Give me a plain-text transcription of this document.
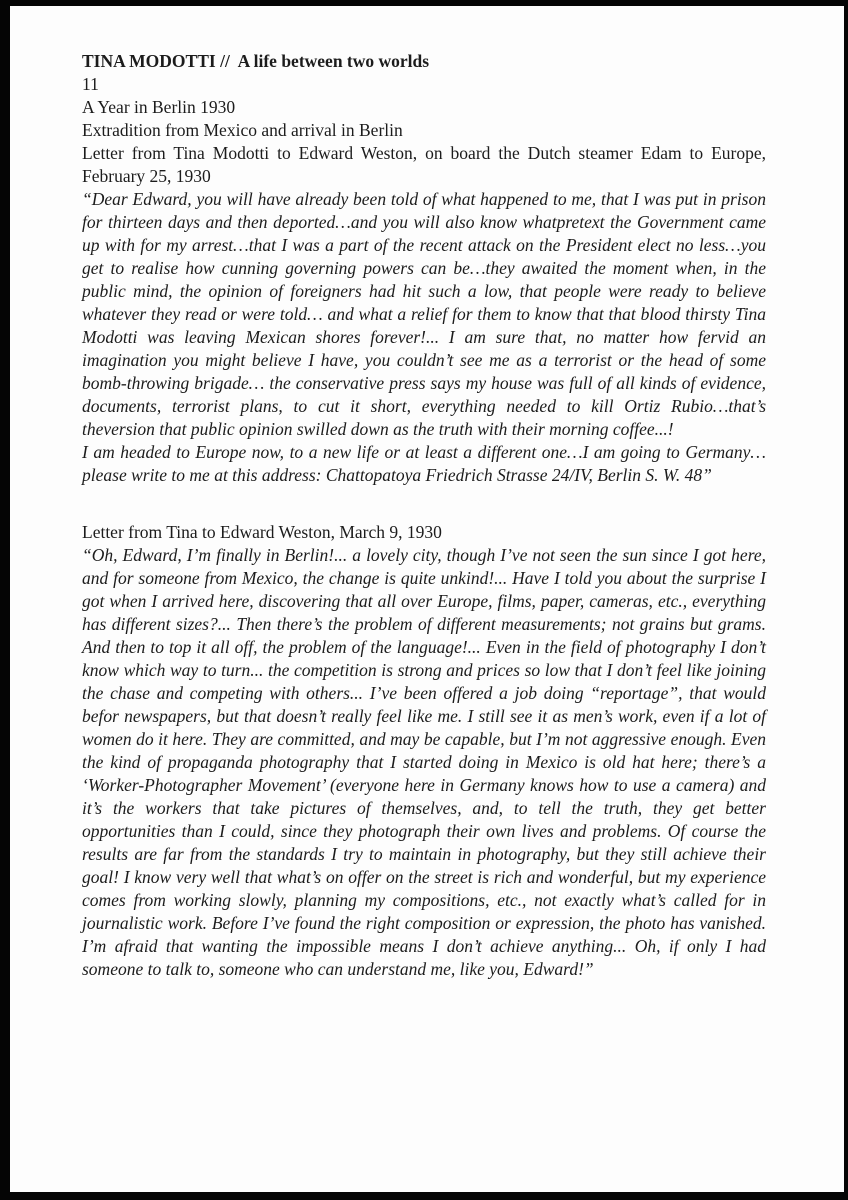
TINA MODOTTI //  A life between two worlds

11

A Year in Berlin 1930

Extradition from Mexico and arrival in Berlin

Letter from Tina Modotti to Edward Weston, on board the Dutch steamer Edam to Europe, February 25, 1930

“Dear Edward, you will have already been told of what happened to me, that I was put in prison for thirteen days and then deported…and you will also know whatpretext the Government came up with for my arrest…that I was a part of the recent attack on the President elect no less…you get to realise how cunning governing powers can be…they awaited the moment when, in the public mind, the opinion of foreigners had hit such a low, that people were ready to believe whatever they read or were told… and what a relief for them to know that that blood thirsty Tina Modotti was leaving Mexican shores forever!... I am sure that, no matter how fervid an imagination you might believe I have, you couldn’t see me as a terrorist or the head of some bomb-throwing brigade… the conservative press says my house was full of all kinds of evidence, documents, terrorist plans, to cut it short, everything needed to kill Ortiz Rubio…that’s theversion that public opinion swilled down as the truth with their morning coffee...!

I am headed to Europe now, to a new life or at least a different one…I am going to Germany…please write to me at this address: Chattopatoya Friedrich Strasse 24/IV, Berlin S. W. 48”

Letter from Tina to Edward Weston, March 9, 1930

“Oh, Edward, I’m finally in Berlin!... a lovely city, though I’ve not seen the sun since I got here, and for someone from Mexico, the change is quite unkind!... Have I told you about the surprise I got when I arrived here, discovering that all over Europe, films, paper, cameras, etc., everything has different sizes?... Then there’s the problem of different measurements; not grains but grams. And then to top it all off, the problem of the language!... Even in the field of photography I don’t know which way to turn... the competition is strong and prices so low that I don’t feel like joining the chase and competing with others... I’ve been offered a job doing “reportage”, that would befor newspapers, but that doesn’t really feel like me. I still see it as men’s work, even if a lot of women do it here. They are committed, and may be capable, but I’m not aggressive enough. Even the kind of propaganda photography that I started doing in Mexico is old hat here; there’s a ‘Worker-Photographer Movement’ (everyone here in Germany knows how to use a camera) and it’s the workers that take pictures of themselves, and, to tell the truth, they get better opportunities than I could, since they photograph their own lives and problems. Of course the results are far from the standards I try to maintain in photography, but they still achieve their goal! I know very well that what’s on offer on the street is rich and wonderful, but my experience comes from working slowly, planning my compositions, etc., not exactly what’s called for in journalistic work. Before I’ve found the right composition or expression, the photo has vanished. I’m afraid that wanting the impossible means I don’t achieve anything... Oh, if only I had someone to talk to, someone who can understand me, like you, Edward!”
